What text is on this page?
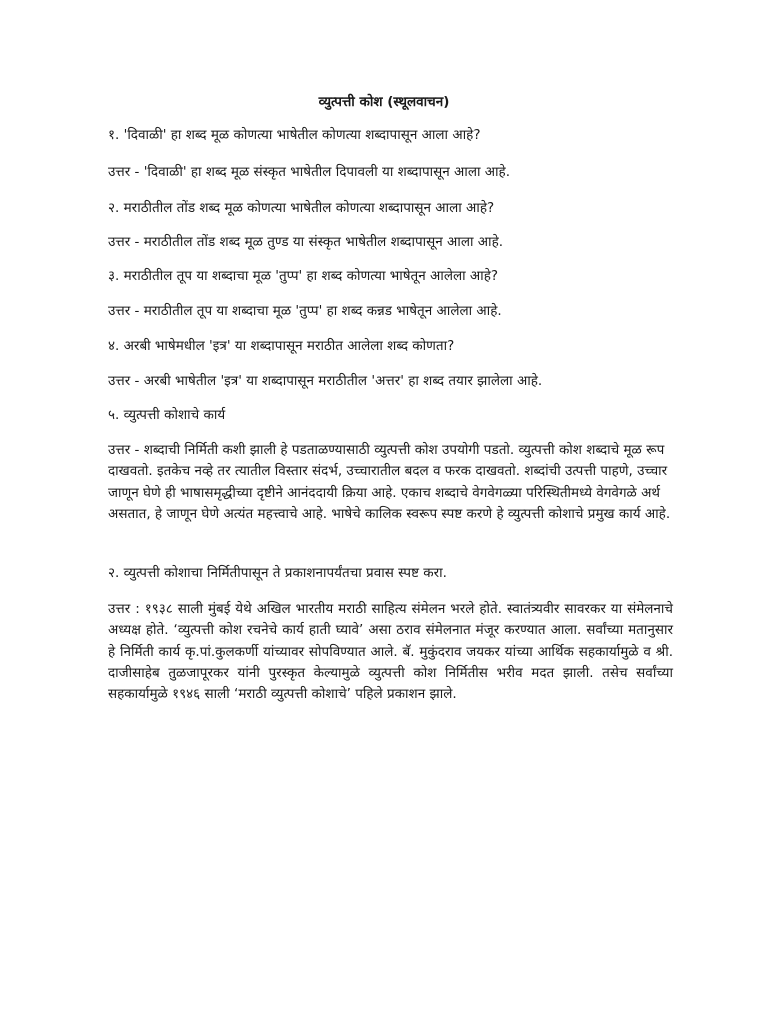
व्युत्पत्ती कोश (स्थूलवाचन)
१. 'दिवाळी' हा शब्द मूळ कोणत्या भाषेतील कोणत्या शब्दापासून आला आहे?
उत्तर - 'दिवाळी' हा शब्द मूळ संस्कृत भाषेतील दिपावली या शब्दापासून आला आहे.
२. मराठीतील तोंड शब्द मूळ कोणत्या भाषेतील कोणत्या शब्दापासून आला आहे?
उत्तर - मराठीतील तोंड शब्द मूळ तुण्ड या संस्कृत भाषेतील शब्दापासून आला आहे.
३. मराठीतील तूप या शब्दाचा मूळ 'तुप्प' हा शब्द कोणत्या भाषेतून आलेला आहे?
उत्तर - मराठीतील तूप या शब्दाचा मूळ 'तुप्प' हा शब्द कन्नड भाषेतून आलेला आहे.
४. अरबी भाषेमधील 'इत्र' या शब्दापासून मराठीत आलेला शब्द कोणता?
उत्तर - अरबी भाषेतील 'इत्र' या शब्दापासून मराठीतील 'अत्तर' हा शब्द तयार झालेला आहे.
५. व्युत्पत्ती कोशाचे कार्य
उत्तर - शब्दाची निर्मिती कशी झाली हे पडताळण्यासाठी व्युत्पत्ती कोश उपयोगी पडतो. व्युत्पत्ती कोश शब्दाचे मूळ रूप दाखवतो. इतकेच नव्हे तर त्यातील विस्तार संदर्भ, उच्चारातील बदल व फरक दाखवतो. शब्दांची उत्पत्ती पाहणे, उच्चार जाणून घेणे ही भाषासमृद्धीच्या दृष्टीने आनंददायी क्रिया आहे. एकाच शब्दाचे वेगवेगळ्या परिस्थितीमध्ये वेगवेगळे अर्थ असतात, हे जाणून घेणे अत्यंत महत्त्वाचे आहे. भाषेचे कालिक स्वरूप स्पष्ट करणे हे व्युत्पत्ती कोशाचे प्रमुख कार्य आहे.
२. व्युत्पत्ती कोशाचा निर्मितीपासून ते प्रकाशनापर्यंतचा प्रवास स्पष्ट करा.
उत्तर : १९३८ साली मुंबई येथे अखिल भारतीय मराठी साहित्य संमेलन भरले होते. स्वातंत्र्यवीर सावरकर या संमेलनाचे अध्यक्ष होते. ‘व्युत्पत्ती कोश रचनेचे कार्य हाती घ्यावे’ असा ठराव संमेलनात मंजूर करण्यात आला. सर्वांच्या मतानुसार हे निर्मिती कार्य कृ.पां.कुलकर्णी यांच्यावर सोपविण्यात आले. बॅ. मुकुंदराव जयकर यांच्या आर्थिक सहकार्यामुळे व श्री. दाजीसाहेब तुळजापूरकर यांनी पुरस्कृत केल्यामुळे व्युत्पत्ती कोश निर्मितीस भरीव मदत झाली. तसेच सर्वांच्या सहकार्यामुळे १९४६ साली ‘मराठी व्युत्पत्ती कोशाचे’ पहिले प्रकाशन झाले.
